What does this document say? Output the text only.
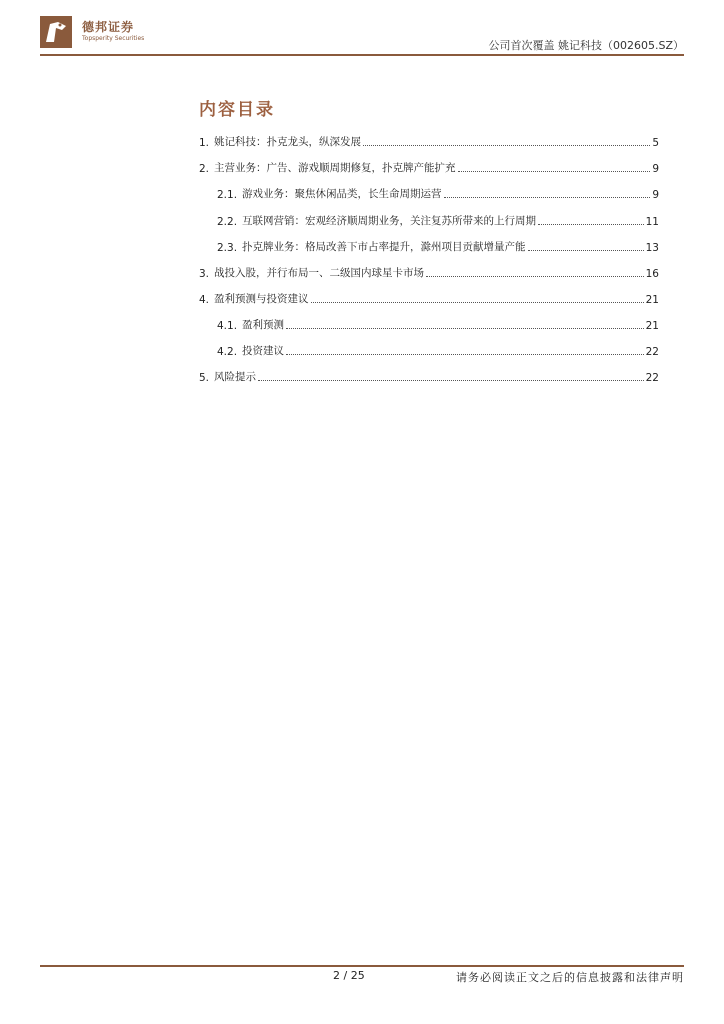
德邦证券
Topsperity Securities
公司首次覆盖 姚记科技（002605.SZ）
内容目录
1. 姚记科技：扑克龙头，纵深发展	5
2. 主营业务：广告、游戏顺周期修复，扑克牌产能扩充	9
2.1. 游戏业务：聚焦休闲品类，长生命周期运营	9
2.2. 互联网营销：宏观经济顺周期业务，关注复苏所带来的上行周期	11
2.3. 扑克牌业务：格局改善下市占率提升，滁州项目贡献增量产能	13
3. 战投入股，并行布局一、二级国内球星卡市场	16
4. 盈利预测与投资建议	21
4.1. 盈利预测	21
4.2. 投资建议	22
5. 风险提示	22
2 / 25	请务必阅读正文之后的信息披露和法律声明
